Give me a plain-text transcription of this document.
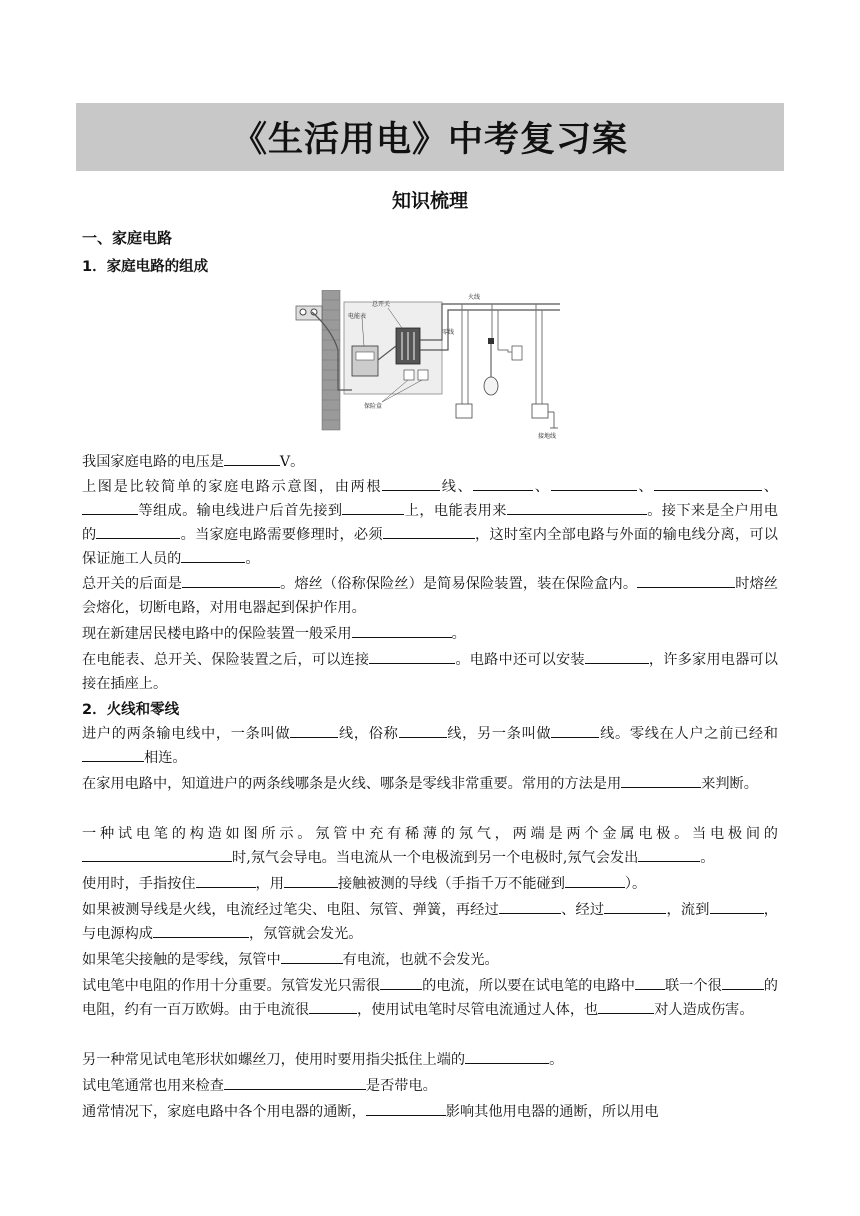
《生活用电》中考复习案
知识梳理
一、家庭电路
1．家庭电路的组成
电能表
总开关
火线
零线
保险盒
接地线
我国家庭电路的电压是	V。
上图是比较简单的家庭电路示意图，由两根	线、	、	、	、等组成。输电线进户后首先接到	上，电能表用来	。接下来是全户用电的	。当家庭电路需要修理时，必须	，这时室内全部电路与外面的输电线分离，可以保证施工人员的	。
总开关的后面是	。熔丝（俗称保险丝）是简易保险装置，装在保险盒内。	时熔丝会熔化，切断电路，对用电器起到保护作用。
现在新建居民楼电路中的保险装置一般采用	。
在电能表、总开关、保险装置之后，可以连接	。电路中还可以安装	，许多家用电器可以接在插座上。
2．火线和零线
进户的两条输电线中，一条叫做	线，俗称	线，另一条叫做	线。零线在人户之前已经和相连。
在家用电路中，知道进户的两条线哪条是火线、哪条是零线非常重要。常用的方法是用	来判断。
一种试电笔的构造如图所示。氖管中充有稀薄的氖气，两端是两个金属电极。当电极间的时,氖气会导电。当电流从一个电极流到另一个电极时,氖气会发出	。
使用时，手指按住	，用	接触被测的导线（手指千万不能碰到	）。
如果被测导线是火线，电流经过笔尖、电阻、氖管、弹簧，再经过	、经过	，流到	，与电源构成	，氖管就会发光。
如果笔尖接触的是零线，氖管中	有电流，也就不会发光。
试电笔中电阻的作用十分重要。氖管发光只需很	的电流，所以要在试电笔的电路中 联一个很	的电阻，约有一百万欧姆。由于电流很	，使用试电笔时尽管电流通过人体，也	对人造成伤害。
另一种常见试电笔形状如螺丝刀，使用时要用指尖抵住上端的	。
试电笔通常也用来检查	是否带电。
通常情况下，家庭电路中各个用电器的通断，	影响其他用电器的通断，所以用电
